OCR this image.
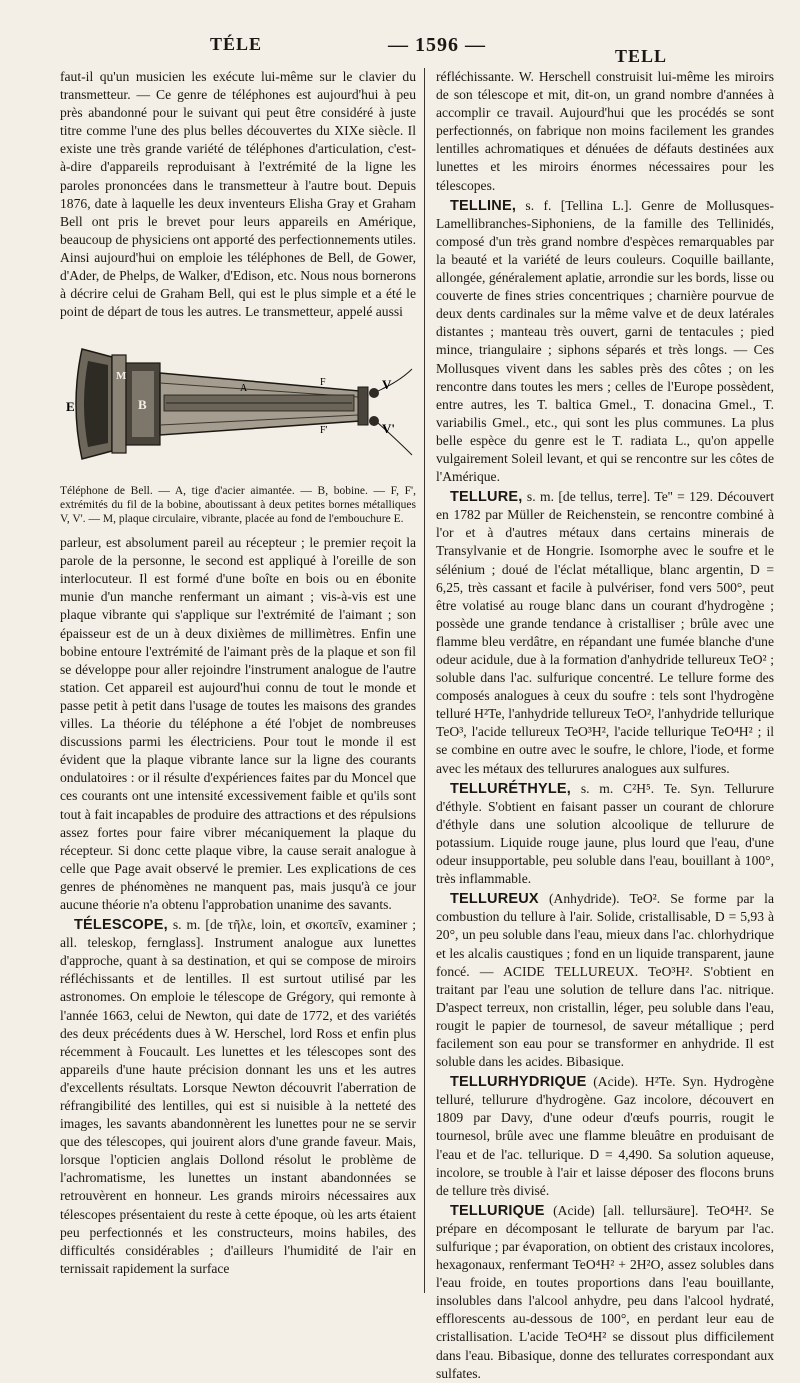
TÉLE	— 1596 —	TELL

faut-il qu'un musicien les exécute lui-même sur le clavier du transmetteur. — Ce genre de téléphones est aujourd'hui à peu près abandonné pour le suivant qui peut être considéré à juste titre comme l'une des plus belles découvertes du XIXe siècle. Il existe une très grande variété de téléphones d'articulation, c'est-à-dire d'appareils reproduisant à l'extrémité de la ligne les paroles prononcées dans le transmetteur à l'autre bout. Depuis 1876, date à laquelle les deux inventeurs Elisha Gray et Graham Bell ont pris le brevet pour leurs appareils en Amérique, beaucoup de physiciens ont apporté des perfectionnements utiles. Ainsi aujourd'hui on emploie les téléphones de Bell, de Gower, d'Ader, de Phelps, de Walker, d'Edison, etc. Nous nous bornerons à décrire celui de Graham Bell, qui est le plus simple et a été le point de départ de tous les autres. Le transmetteur, appelé aussi

E
M
B
A
F
F'
V
V'

Téléphone de Bell. — A, tige d'acier aimantée. — B, bobine. — F, F', extrémités du fil de la bobine, aboutissant à deux petites bornes métalliques V, V'. — M, plaque circulaire, vibrante, placée au fond de l'embouchure E.

parleur, est absolument pareil au récepteur ; le premier reçoit la parole de la personne, le second est appliqué à l'oreille de son interlocuteur. Il est formé d'une boîte en bois ou en ébonite munie d'un manche renfermant un aimant ; vis-à-vis est une plaque vibrante qui s'applique sur l'extrémité de l'aimant ; son épaisseur est de un à deux dixièmes de millimètres. Enfin une bobine entoure l'extrémité de l'aimant près de la plaque et son fil se développe pour aller rejoindre l'instrument analogue de l'autre station. Cet appareil est aujourd'hui connu de tout le monde et passe petit à petit dans l'usage de toutes les maisons des grandes villes. La théorie du téléphone a été l'objet de nombreuses discussions parmi les électriciens. Pour tout le monde il est évident que la plaque vibrante lance sur la ligne des courants ondulatoires : or il résulte d'expériences faites par du Moncel que ces courants ont une intensité excessivement faible et qu'ils sont tout à fait incapables de produire des attractions et des répulsions assez fortes pour faire vibrer mécaniquement la plaque du récepteur. Si donc cette plaque vibre, la cause serait analogue à celle que Page avait observé le premier. Les explications de ces genres de phénomènes ne manquent pas, mais jusqu'à ce jour aucune théorie n'a obtenu l'approbation unanime des savants.

TÉLESCOPE, s. m. [de τῆλε, loin, et σκοπεῖν, examiner ; all. teleskop, fernglass]. Instrument analogue aux lunettes d'approche, quant à sa destination, et qui se compose de miroirs réfléchissants et de lentilles. Il est surtout utilisé par les astronomes. On emploie le télescope de Grégory, qui remonte à l'année 1663, celui de Newton, qui date de 1772, et des variétés des deux précédents dues à W. Herschel, lord Ross et enfin plus récemment à Foucault. Les lunettes et les télescopes sont des appareils d'une haute précision donnant les uns et les autres d'excellents résultats. Lorsque Newton découvrit l'aberration de réfrangibilité des lentilles, qui est si nuisible à la netteté des images, les savants abandonnèrent les lunettes pour ne se servir que des télescopes, qui jouirent alors d'une grande faveur. Mais, lorsque l'opticien anglais Dollond résolut le problème de l'achromatisme, les lunettes un instant abandonnées se retrouvèrent en honneur. Les grands miroirs nécessaires aux télescopes présentaient du reste à cette époque, où les arts étaient peu perfectionnés et les constructeurs, moins habiles, des difficultés considérables ; d'ailleurs l'humidité de l'air en ternissait rapidement la surface

réfléchissante. W. Herschell construisit lui-même les miroirs de son télescope et mit, dit-on, un grand nombre d'années à accomplir ce travail. Aujourd'hui que les procédés se sont perfectionnés, on fabrique non moins facilement les grandes lentilles achromatiques et dénuées de défauts destinées aux lunettes et les miroirs énormes nécessaires pour les télescopes.

TELLINE, s. f. [Tellina L.]. Genre de Mollusques-Lamellibranches-Siphoniens, de la famille des Tellinidés, composé d'un très grand nombre d'espèces remarquables par la beauté et la variété de leurs couleurs. Coquille baillante, allongée, généralement aplatie, arrondie sur les bords, lisse ou couverte de fines stries concentriques ; charnière pourvue de deux dents cardinales sur la même valve et de deux latérales distantes ; manteau très ouvert, garni de tentacules ; pied mince, triangulaire ; siphons séparés et très longs. — Ces Mollusques vivent dans les sables près des côtes ; on les rencontre dans toutes les mers ; celles de l'Europe possèdent, entre autres, les T. baltica Gmel., T. donacina Gmel., T. variabilis Gmel., etc., qui sont les plus communes. La plus belle espèce du genre est le T. radiata L., qu'on appelle vulgairement Soleil levant, et qui se rencontre sur les côtes de l'Amérique.

TELLURE, s. m. [de tellus, terre]. Te'' = 129. Découvert en 1782 par Müller de Reichenstein, se rencontre combiné à l'or et à d'autres métaux dans certains minerais de Transylvanie et de Hongrie. Isomorphe avec le soufre et le sélénium ; doué de l'éclat métallique, blanc argentin, D = 6,25, très cassant et facile à pulvériser, fond vers 500°, peut être volatisé au rouge blanc dans un courant d'hydrogène ; possède une grande tendance à cristalliser ; brûle avec une flamme bleu verdâtre, en répandant une fumée blanche d'une odeur acidule, due à la formation d'anhydride tellureux TeO² ; soluble dans l'ac. sulfurique concentré. Le tellure forme des composés analogues à ceux du soufre : tels sont l'hydrogène telluré H²Te, l'anhydride tellureux TeO², l'anhydride tellurique TeO³, l'acide tellureux TeO³H², l'acide tellurique TeO⁴H² ; il se combine en outre avec le soufre, le chlore, l'iode, et forme avec les métaux des tellurures analogues aux sulfures.

TELLURÉTHYLE, s. m. C²H⁵. Te. Syn. Tellurure d'éthyle. S'obtient en faisant passer un courant de chlorure d'éthyle dans une solution alcoolique de tellurure de potassium. Liquide rouge jaune, plus lourd que l'eau, d'une odeur insupportable, peu soluble dans l'eau, bouillant à 100°, très inflammable.

TELLUREUX (Anhydride). TeO². Se forme par la combustion du tellure à l'air. Solide, cristallisable, D = 5,93 à 20°, un peu soluble dans l'eau, mieux dans l'ac. chlorhydrique et les alcalis caustiques ; fond en un liquide transparent, jaune foncé. — ACIDE TELLUREUX. TeO³H². S'obtient en traitant par l'eau une solution de tellure dans l'ac. nitrique. D'aspect terreux, non cristallin, léger, peu soluble dans l'eau, rougit le papier de tournesol, de saveur métallique ; perd facilement son eau pour se transformer en anhydride. Il est soluble dans les acides. Bibasique.

TELLURHYDRIQUE (Acide). H²Te. Syn. Hydrogène telluré, tellurure d'hydrogène. Gaz incolore, découvert en 1809 par Davy, d'une odeur d'œufs pourris, rougit le tournesol, brûle avec une flamme bleuâtre en produisant de l'eau et de l'ac. tellurique. D = 4,490. Sa solution aqueuse, incolore, se trouble à l'air et laisse déposer des flocons bruns de tellure très divisé.

TELLURIQUE (Acide) [all. tellursäure]. TeO⁴H². Se prépare en décomposant le tellurate de baryum par l'ac. sulfurique ; par évaporation, on obtient des cristaux incolores, hexagonaux, renfermant TeO⁴H² + 2H²O, assez solubles dans l'eau froide, en toutes proportions dans l'eau bouillante, insolubles dans l'alcool anhydre, peu dans l'alcool hydraté, efflorescents au-dessous de 100°, en perdant leur eau de cristallisation. L'acide TeO⁴H² se dissout plus difficilement dans l'eau. Bibasique, donne des tellurates correspondant aux sulfates.
